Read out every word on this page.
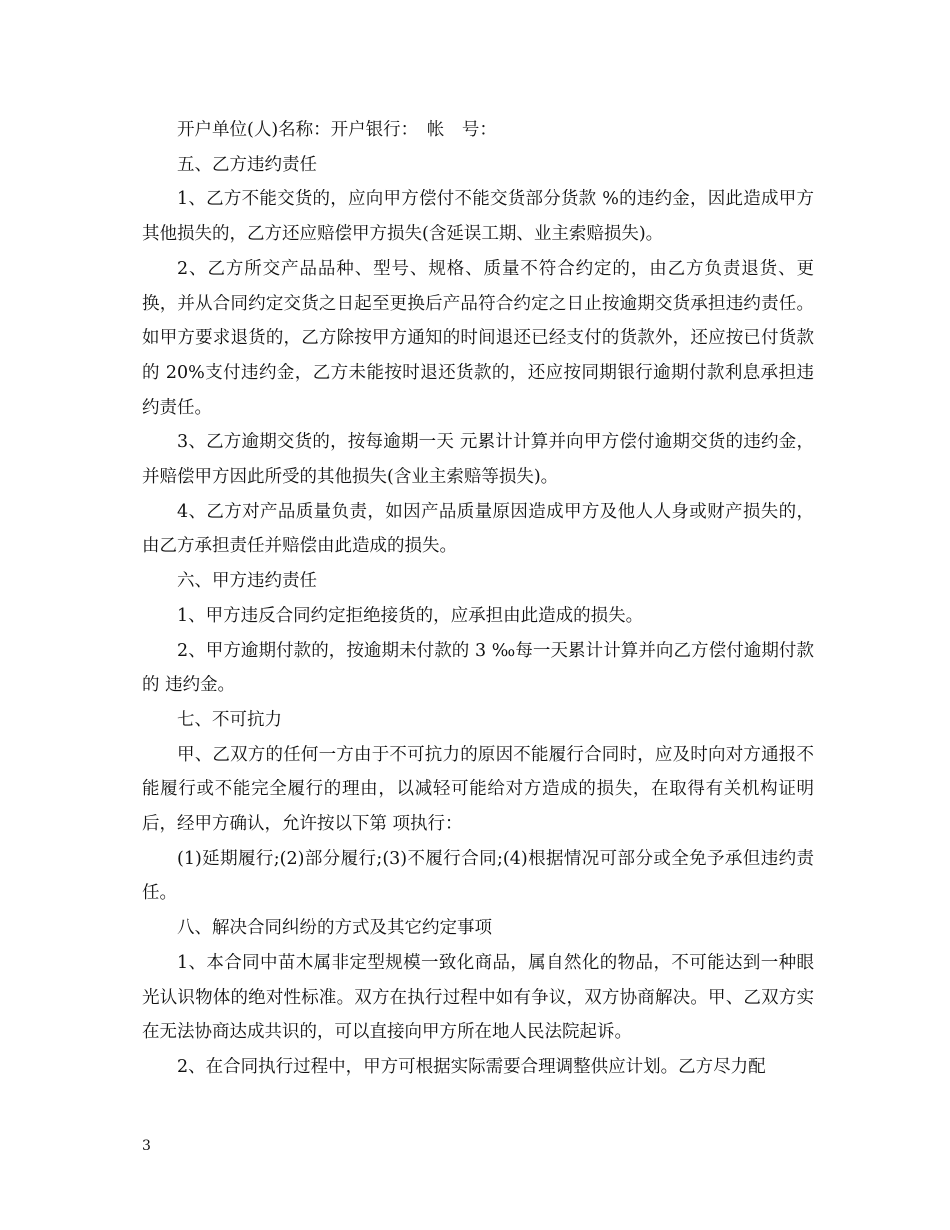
开户单位(人)名称：开户银行：　帐　号：

五、乙方违约责任

1、乙方不能交货的，应向甲方偿付不能交货部分货款 %的违约金，因此造成甲方其他损失的，乙方还应赔偿甲方损失(含延误工期、业主索赔损失)。

2、乙方所交产品品种、型号、规格、质量不符合约定的，由乙方负责退货、更换，并从合同约定交货之日起至更换后产品符合约定之日止按逾期交货承担违约责任。如甲方要求退货的，乙方除按甲方通知的时间退还已经支付的货款外，还应按已付货款的 20%支付违约金，乙方未能按时退还货款的，还应按同期银行逾期付款利息承担违约责任。

3、乙方逾期交货的，按每逾期一天 元累计计算并向甲方偿付逾期交货的违约金，并赔偿甲方因此所受的其他损失(含业主索赔等损失)。

4、乙方对产品质量负责，如因产品质量原因造成甲方及他人人身或财产损失的，由乙方承担责任并赔偿由此造成的损失。

六、甲方违约责任

1、甲方违反合同约定拒绝接货的，应承担由此造成的损失。

2、甲方逾期付款的，按逾期未付款的 3 ‰每一天累计计算并向乙方偿付逾期付款的 违约金。

七、不可抗力

甲、乙双方的任何一方由于不可抗力的原因不能履行合同时，应及时向对方通报不能履行或不能完全履行的理由，以减轻可能给对方造成的损失，在取得有关机构证明后，经甲方确认，允许按以下第 项执行：

(1)延期履行;(2)部分履行;(3)不履行合同;(4)根据情况可部分或全免予承但违约责任。

八、解决合同纠纷的方式及其它约定事项

1、本合同中苗木属非定型规模一致化商品，属自然化的物品，不可能达到一种眼光认识物体的绝对性标准。双方在执行过程中如有争议，双方协商解决。甲、乙双方实在无法协商达成共识的，可以直接向甲方所在地人民法院起诉。

2、在合同执行过程中，甲方可根据实际需要合理调整供应计划。乙方尽力配

3
